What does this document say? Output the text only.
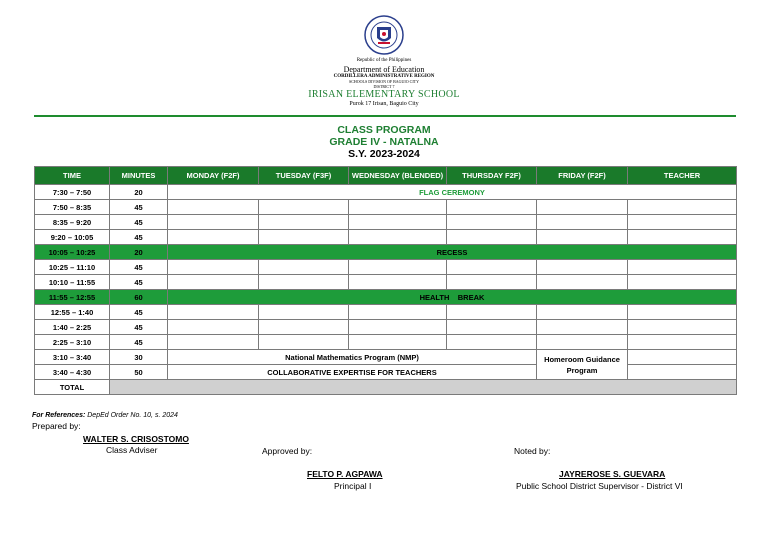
Republic of the Philippines
Department of Education
CORDILLERA ADMINISTRATIVE REGION
SCHOOLS DIVISION OF BAGUIO CITY
DISTRICT 7
IRISAN ELEMENTARY SCHOOL
Purok 17 Irisan, Baguio City
CLASS PROGRAM
GRADE IV - NATALNA
S.Y. 2023-2024
TIME	MINUTES	MONDAY (F2F)	TUESDAY (F3F)	WEDNESDAY (BLENDED)	THURSDAY F2F)	FRIDAY (F2F)	TEACHER
7:30 – 7:50	20	FLAG CEREMONY					
7:50 – 8:35	45						
8:35 – 9:20	45						
9:20 – 10:05	45						
10:05 – 10:25	20	RECESS					
10:25 – 11:10	45						
10:10 – 11:55	45						
11:55 – 12:55	60	HEALTH    BREAK					
12:55 – 1:40	45						
1:40 – 2:25	45						
2:25 – 3:10	45						
3:10 – 3:40	30	National Mathematics Program (NMP)				Homeroom Guidance Program	
3:40 – 4:30	50	COLLABORATIVE EXPERTISE FOR TEACHERS					
TOTAL							
For References: DepEd Order No. 10, s. 2024
Prepared by:
WALTER S. CRISOSTOMO
Class Adviser	Approved by:
FELTO P. AGPAWA
Principal I
Noted by:
JAYREROSE S. GUEVARA
Public School District Supervisor - District VI
